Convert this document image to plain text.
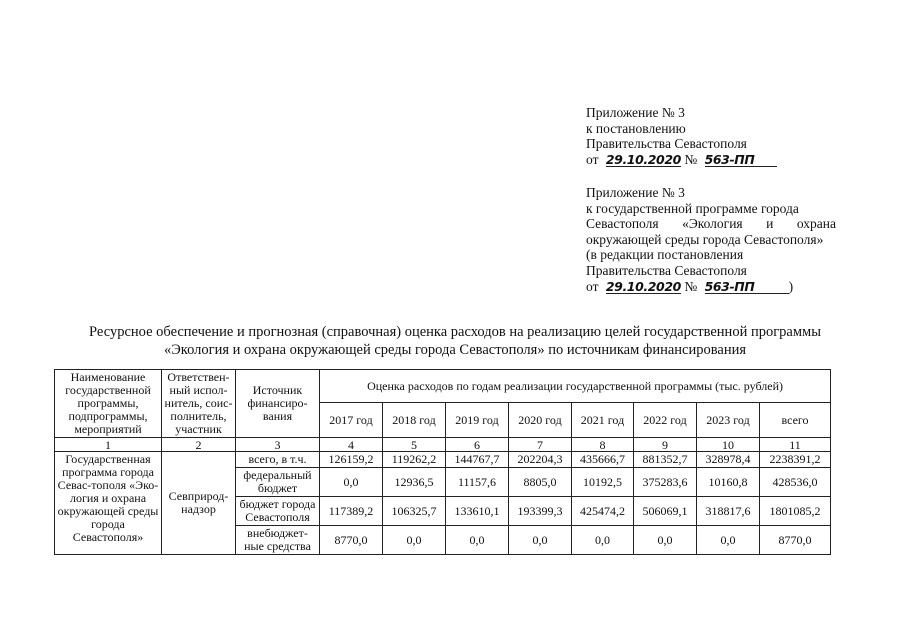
Приложение № 3
к постановлению
Правительства Севастополя
от 29.10.2020 № 563-ПП
Приложение № 3
к государственной программе города
Севастополя «Экология и охрана
окружающей среды города Севастополя»
(в редакции постановления
Правительства Севастополя
от 29.10.2020 № 563-ПП	)
Ресурсное обеспечение и прогнозная (справочная) оценка расходов на реализацию целей государственной программы
«Экология и охрана окружающей среды города Севастополя» по источникам финансирования
Наименование государственной программы, подпрограммы, мероприятий	Ответствен-ный испол-нитель, соис-полнитель, участник	Источник финансиро-вания	Оценка расходов по годам реализации государственной программы (тыс. рублей)							
			2017 год	2018 год	2019 год	2020 год	2021 год	2022 год	2023 год	всего
1	2	3	4	5	6	7	8	9	10	11
Государственная программа города Севас-тополя «Эко-логия и охрана окружающей среды города Севастополя»	Севприрод-надзор	всего, в т.ч.	126159,2	119262,2	144767,7	202204,3	435666,7	881352,7	328978,4	2238391,2
		федеральный бюджет	0,0	12936,5	11157,6	8805,0	10192,5	375283,6	10160,8	428536,0
		бюджет города Севастополя	117389,2	106325,7	133610,1	193399,3	425474,2	506069,1	318817,6	1801085,2
		внебюджет-ные средства	8770,0	0,0	0,0	0,0	0,0	0,0	0,0	8770,0
